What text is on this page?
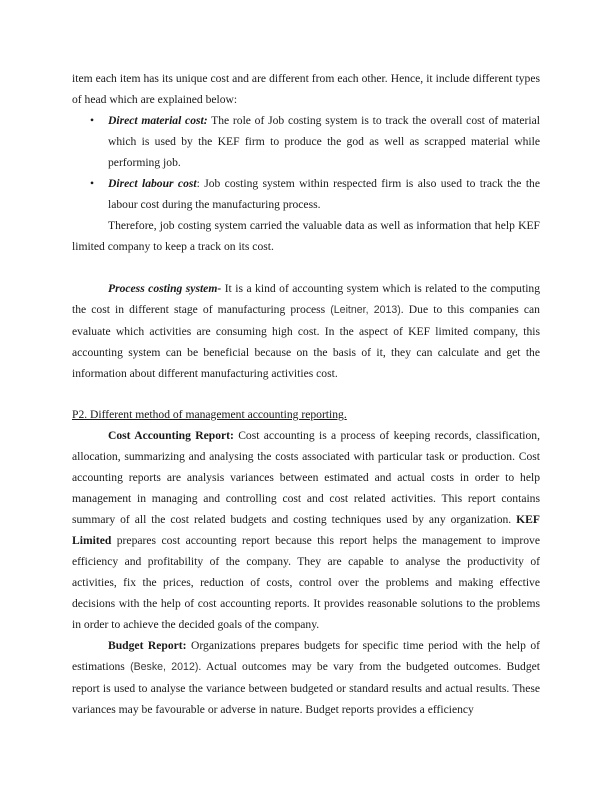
item each item has its unique cost and are different from each other. Hence, it include different types of head which are explained below:

•	Direct material cost: The role of Job costing system is to track the overall cost of material which is used by the KEF firm to produce the god as well as scrapped material while performing job.
•	Direct labour cost: Job costing system within respected firm is also used to track the the labour cost during the manufacturing process.

Therefore, job costing system carried the valuable data as well as information that help KEF limited company to keep a track on its cost.

Process costing system- It is a kind of accounting system which is related to the computing the cost in different stage of manufacturing process (Leitner, 2013). Due to this companies can evaluate which activities are consuming high cost. In the aspect of KEF limited company, this accounting system can be beneficial because on the basis of it, they can calculate and get the information about different manufacturing activities cost.

P2. Different method of management accounting reporting.

Cost Accounting Report: Cost accounting is a process of keeping records, classification, allocation, summarizing and analysing the costs associated with particular task or production. Cost accounting reports are analysis variances between estimated and actual costs in order to help management in managing and controlling cost and cost related activities. This report contains summary of all the cost related budgets and costing techniques used by any organization. KEF Limited prepares cost accounting report because this report helps the management to improve efficiency and profitability of the company. They are capable to analyse the productivity of activities, fix the prices, reduction of costs, control over the problems and making effective decisions with the help of cost accounting reports. It provides reasonable solutions to the problems in order to achieve the decided goals of the company.

Budget Report: Organizations prepares budgets for specific time period with the help of estimations (Beske, 2012). Actual outcomes may be vary from the budgeted outcomes. Budget report is used to analyse the variance between budgeted or standard results and actual results. These variances may be favourable or adverse in nature. Budget reports provides a efficiency
